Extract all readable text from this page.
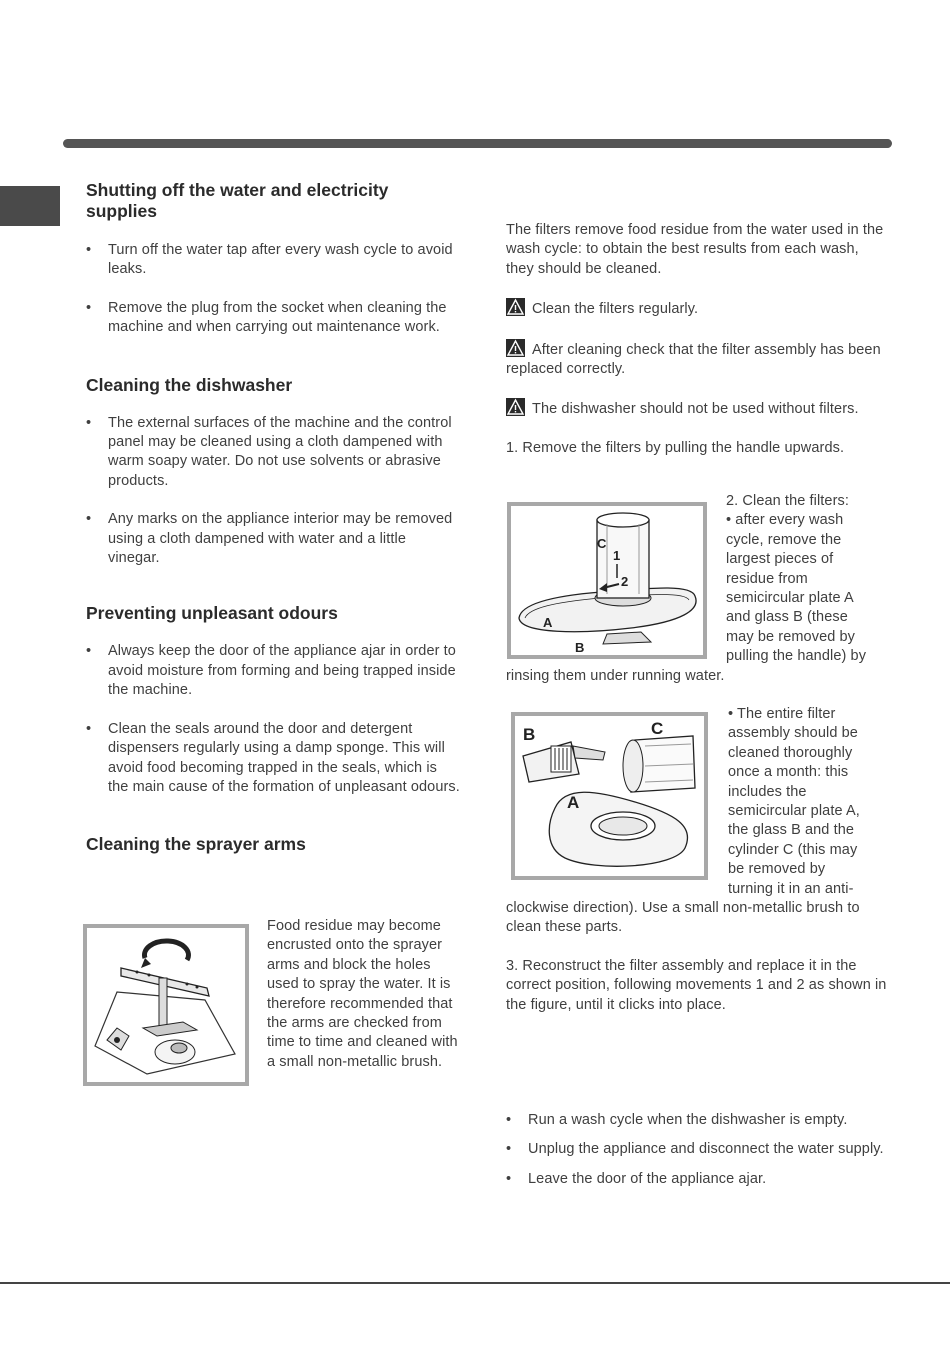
Shutting off the water and electricity supplies
• Turn off the water tap after every wash cycle to avoid leaks.
• Remove the plug from the socket when cleaning the machine and when carrying out maintenance work.
Cleaning the dishwasher
• The external surfaces of the machine and the control panel may be cleaned using a cloth dampened with warm soapy water. Do not use solvents or abrasive products.
• Any marks on the appliance interior may be removed using a cloth dampened with water and a little vinegar.
Preventing unpleasant odours
• Always keep the door of the appliance ajar in order to avoid moisture from forming and being trapped inside the machine.
• Clean the seals around the door and detergent dispensers regularly using a damp sponge. This will avoid food becoming trapped in the seals, which is the main cause of the formation of unpleasant odours.
Cleaning the sprayer arms

Food residue may become encrusted onto the sprayer arms and block the holes used to spray the water. It is therefore recommended that the arms are checked from time to time and cleaned with a small non-metallic brush.

The filters remove food residue from the water used in the wash cycle: to obtain the best results from each wash, they should be cleaned.

Clean the filters regularly.

After cleaning check that the filter assembly has been replaced correctly.

The dishwasher should not be used without filters.

1. Remove the filters by pulling the handle upwards.

2. Clean the filters:

• after every wash

cycle, remove the

largest pieces of

residue from

semicircular plate A

and glass B (these

may be removed by

pulling the handle) by

rinsing them under running water.

C
1
2
A
B

• The entire filter

assembly should be

cleaned thoroughly

once a month: this

includes the

semicircular plate A,

the glass B and the

cylinder C (this may

be removed by

turning it in an anti-

clockwise direction). Use a small non-metallic brush to clean these parts.

B	C
A

3. Reconstruct the filter assembly and replace it in the correct position, following movements 1 and 2 as shown in the figure, until it clicks into place.

• Run a wash cycle when the dishwasher is empty.
• Unplug the appliance and disconnect the water supply.
• Leave the door of the appliance ajar.
